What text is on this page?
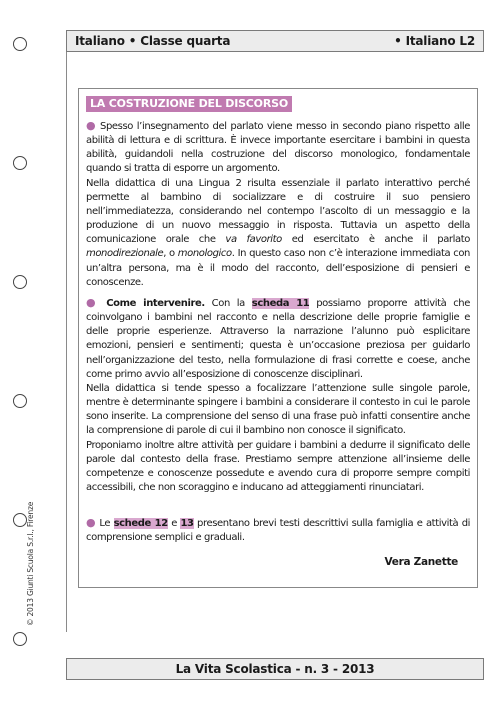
Italiano • Classe quarta	• Italiano L2
LA COSTRUZIONE DEL DISCORSO

● Spesso l’insegnamento del parlato viene messo in secondo piano rispetto alle abilità di lettura e di scrittura. È invece importante esercitare i bambini in questa abilità, guidandoli nella costruzione del discorso monologico, fondamentale quando si tratta di esporre un argomento.

Nella didattica di una Lingua 2 risulta essenziale il parlato interattivo perché permette al bambino di socializzare e di costruire il suo pensiero nell’immediatezza, considerando nel contempo l’ascolto di un messaggio e la produzione di un nuovo messaggio in risposta. Tuttavia un aspetto della comunicazione orale che va favorito ed esercitato è anche il parlato monodirezionale, o monologico. In questo caso non c’è interazione immediata con un’altra persona, ma è il modo del racconto, dell’esposizione di pensieri e conoscenze.

● Come intervenire. Con la scheda 11 possiamo proporre attività che coinvolgano i bambini nel racconto e nella descrizione delle proprie famiglie e delle proprie esperienze. Attraverso la narrazione l’alunno può esplicitare emozioni, pensieri e sentimenti; questa è un’occasione preziosa per guidarlo nell’organizzazione del testo, nella formulazione di frasi corrette e coese, anche come primo avvio all’esposizione di conoscenze disciplinari.

Nella didattica si tende spesso a focalizzare l’attenzione sulle singole parole, mentre è determinante spingere i bambini a considerare il contesto in cui le parole sono inserite. La comprensione del senso di una frase può infatti consentire anche la comprensione di parole di cui il bambino non conosce il significato.

Proponiamo inoltre altre attività per guidare i bambini a dedurre il significato delle parole dal contesto della frase. Prestiamo sempre attenzione all’insieme delle competenze e conoscenze possedute e avendo cura di proporre sempre compiti accessibili, che non scoraggino e inducano ad atteggiamenti rinunciatari.

● Le schede 12 e 13 presentano brevi testi descrittivi sulla famiglia e attività di comprensione semplici e graduali.

Vera Zanette
© 2013 Giunti Scuola S.r.l., Firenze
La Vita Scolastica - n. 3 - 2013
